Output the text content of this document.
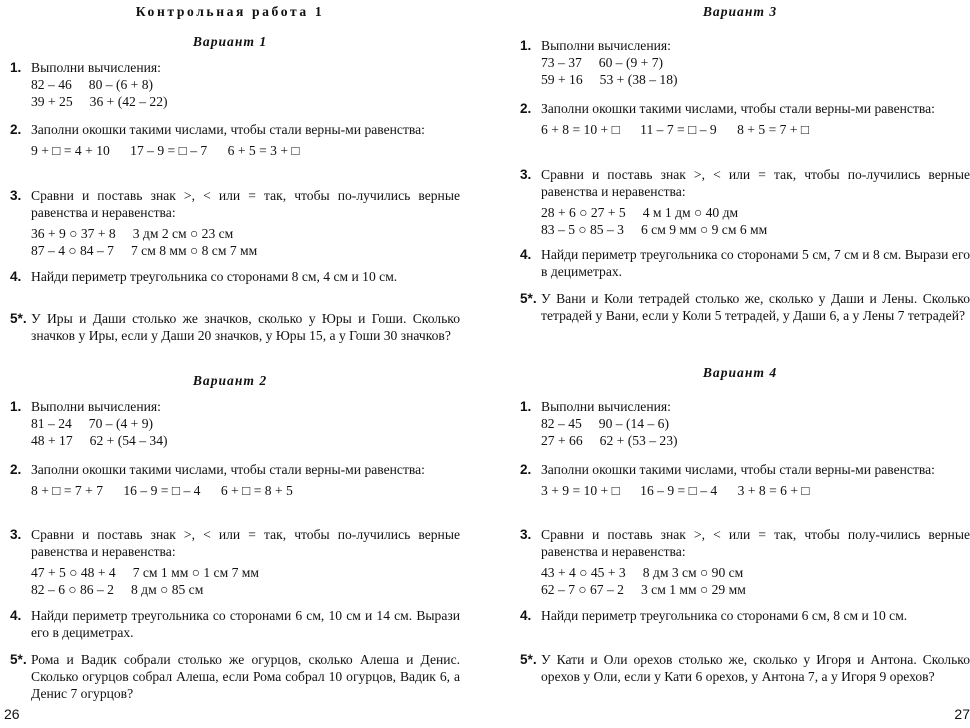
Контрольная работа 1
Вариант 1
1. Выполни вычисления:
82 – 46     80 – (6 + 8)
39 + 25     36 + (42 – 22)
2. Заполни окошки такими числами, чтобы стали верны-ми равенства:
9 + □ = 4 + 10      17 – 9 = □ – 7      6 + 5 = 3 + □
3. Сравни и поставь знак >, < или = так, чтобы по-лучились верные равенства и неравенства:
36 + 9 ○ 37 + 8     3 дм 2 см ○ 23 см
87 – 4 ○ 84 – 7     7 см 8 мм ○ 8 см 7 мм
4. Найди периметр треугольника со сторонами 8 см, 4 см и 10 см.
5*. У Иры и Даши столько же значков, сколько у Юры и Гоши. Сколько значков у Иры, если у Даши 20 значков, у Юры 15, а у Гоши 30 значков?
Вариант 2
1. Выполни вычисления:
81 – 24     70 – (4 + 9)
48 + 17     62 + (54 – 34)
2. Заполни окошки такими числами, чтобы стали верны-ми равенства:
8 + □ = 7 + 7      16 – 9 = □ – 4      6 + □ = 8 + 5
3. Сравни и поставь знак >, < или = так, чтобы по-лучились верные равенства и неравенства:
47 + 5 ○ 48 + 4     7 см 1 мм ○ 1 см 7 мм
82 – 6 ○ 86 – 2     8 дм ○ 85 см
4. Найди периметр треугольника со сторонами 6 см, 10 см и 14 см. Вырази его в дециметрах.
5*. Рома и Вадик собрали столько же огурцов, сколько Алеша и Денис. Сколько огурцов собрал Алеша, если Рома собрал 10 огурцов, Вадик 6, а Денис 7 огурцов?
26
Вариант 3
1. Выполни вычисления:
73 – 37     60 – (9 + 7)
59 + 16     53 + (38 – 18)
2. Заполни окошки такими числами, чтобы стали верны-ми равенства:
6 + 8 = 10 + □      11 – 7 = □ – 9      8 + 5 = 7 + □
3. Сравни и поставь знак >, < или = так, чтобы по-лучились верные равенства и неравенства:
28 + 6 ○ 27 + 5     4 м 1 дм ○ 40 дм
83 – 5 ○ 85 – 3     6 см 9 мм ○ 9 см 6 мм
4. Найди периметр треугольника со сторонами 5 см, 7 см и 8 см. Вырази его в дециметрах.
5*. У Вани и Коли тетрадей столько же, сколько у Даши и Лены. Сколько тетрадей у Вани, если у Коли 5 тетрадей, у Даши 6, а у Лены 7 тетрадей?
Вариант 4
1. Выполни вычисления:
82 – 45     90 – (14 – 6)
27 + 66     62 + (53 – 23)
2. Заполни окошки такими числами, чтобы стали верны-ми равенства:
3 + 9 = 10 + □      16 – 9 = □ – 4      3 + 8 = 6 + □
3. Сравни и поставь знак >, < или = так, чтобы полу-чились верные равенства и неравенства:
43 + 4 ○ 45 + 3     8 дм 3 см ○ 90 см
62 – 7 ○ 67 – 2     3 см 1 мм ○ 29 мм
4. Найди периметр треугольника со сторонами 6 см, 8 см и 10 см.
5*. У Кати и Оли орехов столько же, сколько у Игоря и Антона. Сколько орехов у Оли, если у Кати 6 орехов, у Антона 7, а у Игоря 9 орехов?
27
